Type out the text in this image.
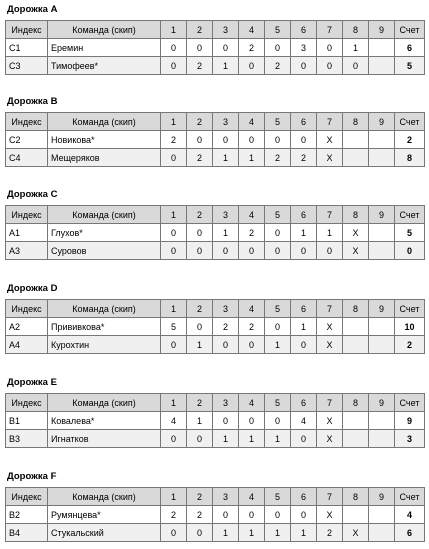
Дорожка A
Индекс	Команда (скип)	1	2	3	4	5	6	7	8	9	Счет
C1	Еремин	0	0	0	2	0	3	0	1		6
C3	Тимофеев*	0	2	1	0	2	0	0	0		5
Дорожка B
Индекс	Команда (скип)	1	2	3	4	5	6	7	8	9	Счет
C2	Новикова*	2	0	0	0	0	0	X			2
C4	Мещеряков	0	2	1	1	2	2	X			8
Дорожка C
Индекс	Команда (скип)	1	2	3	4	5	6	7	8	9	Счет
A1	Глухов*	0	0	1	2	0	1	1	X		5
A3	Суровов	0	0	0	0	0	0	0	X		0
Дорожка D
Индекс	Команда (скип)	1	2	3	4	5	6	7	8	9	Счет
A2	Прививкова*	5	0	2	2	0	1	X			10
A4	Курохтин	0	1	0	0	1	0	X			2
Дорожка E
Индекс	Команда (скип)	1	2	3	4	5	6	7	8	9	Счет
B1	Ковалева*	4	1	0	0	0	4	X			9
B3	Игнатков	0	0	1	1	1	0	X			3
Дорожка F
Индекс	Команда (скип)	1	2	3	4	5	6	7	8	9	Счет
B2	Румянцева*	2	2	0	0	0	0	X			4
B4	Стукальский	0	0	1	1	1	1	2	X		6
